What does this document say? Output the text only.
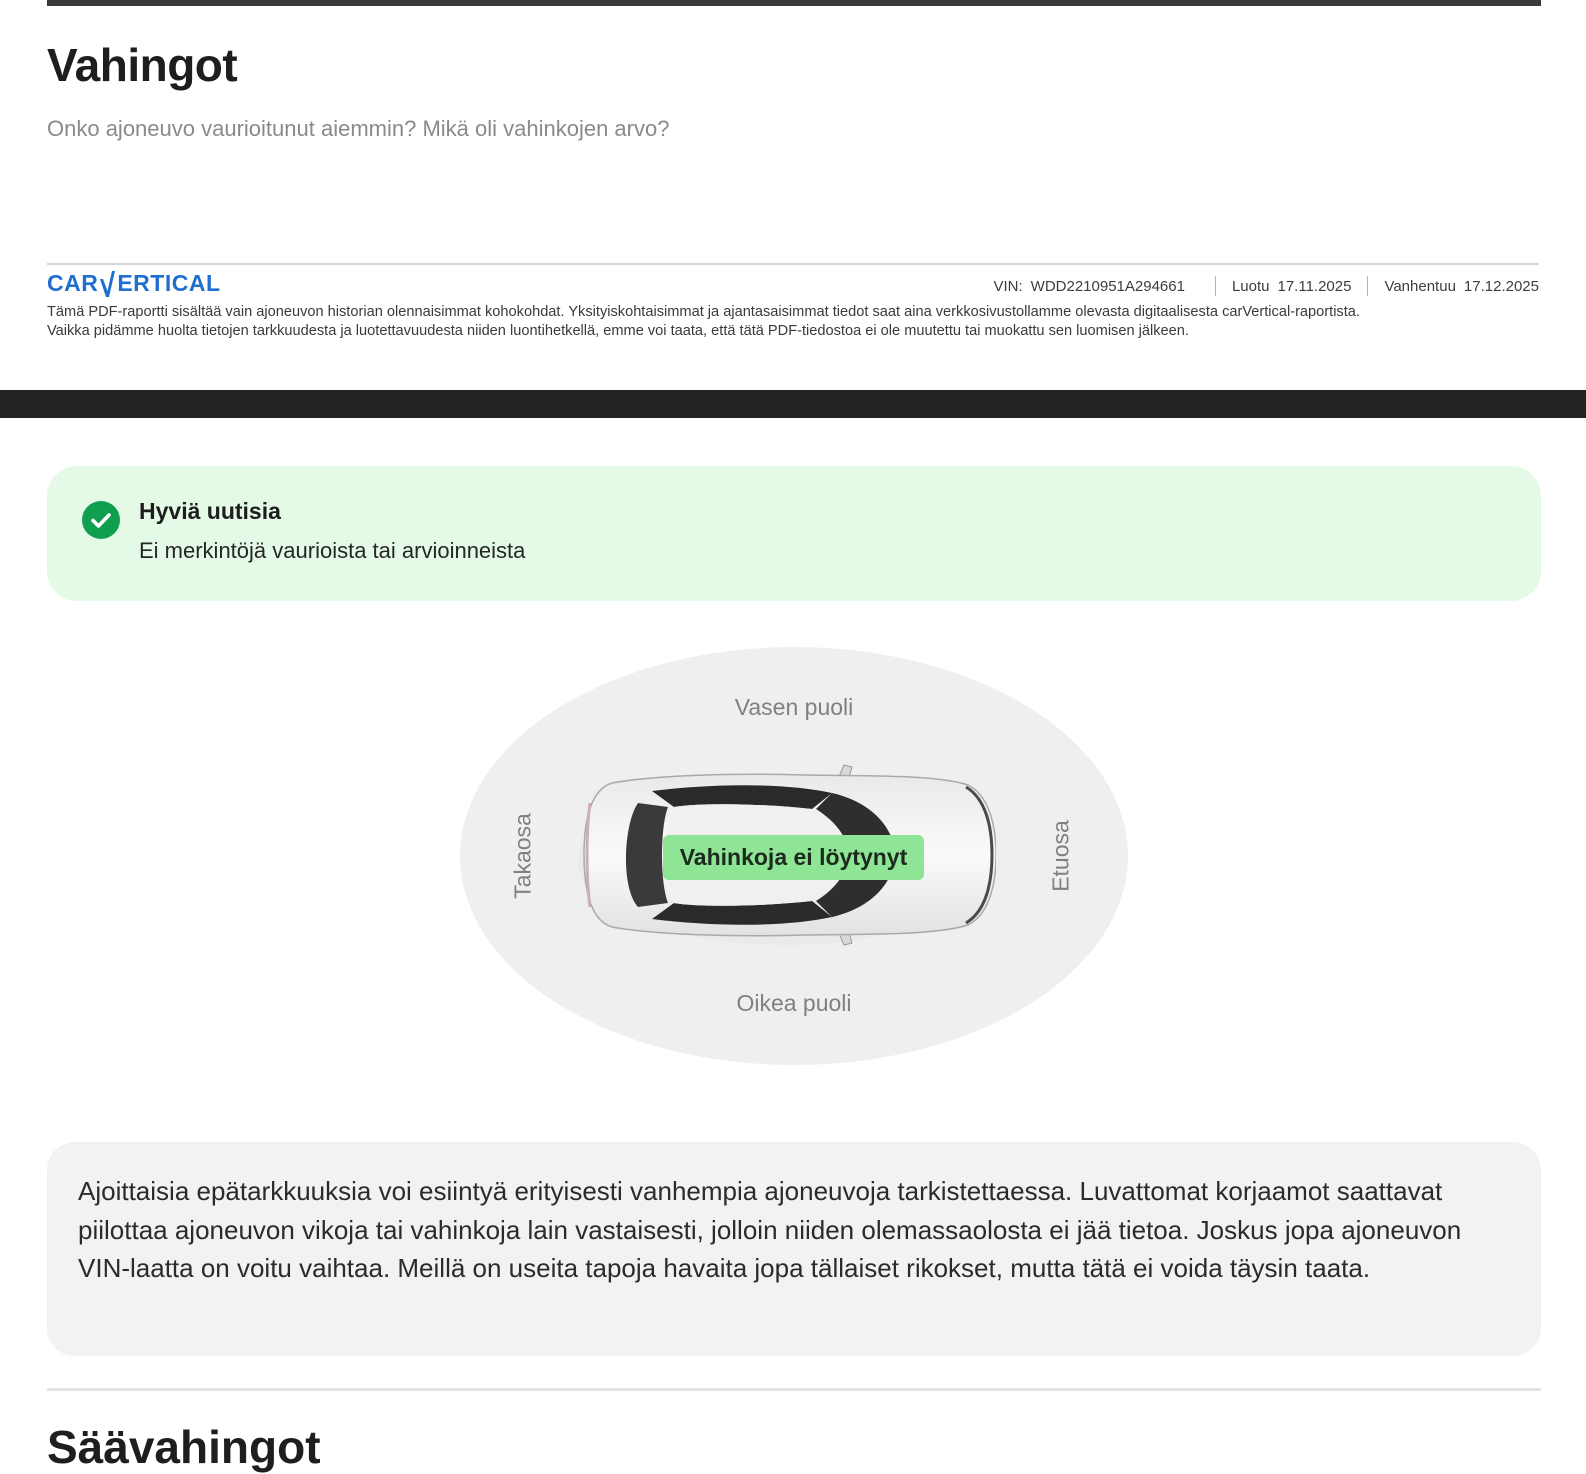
Vahingot

Onko ajoneuvo vaurioitunut aiemmin? Mikä oli vahinkojen arvo?

CAR ERTICAL	VIN: WDD2210951A294661	Luotu 17.11.2025 Vanhentuu 17.12.2025

Tämä PDF-raportti sisältää vain ajoneuvon historian olennaisimmat kohokohdat. Yksityiskohtaisimmat ja ajantasaisimmat tiedot saat aina verkkosivustollamme olevasta digitaalisesta carVertical-raportista.
Vaikka pidämme huolta tietojen tarkkuudesta ja luotettavuudesta niiden luontihetkellä, emme voi taata, että tätä PDF-tiedostoa ei ole muutettu tai muokattu sen luomisen jälkeen.

Hyviä uutisia
Ei merkintöjä vaurioista tai arvioinneista
Vasen puoli
Oikea puoli
Takaosa	Etuosa
Vahinkoja ei löytynyt

Ajoittaisia epätarkkuuksia voi esiintyä erityisesti vanhempia ajoneuvoja tarkistettaessa. Luvattomat korjaamot saattavat piilottaa ajoneuvon vikoja tai vahinkoja lain vastaisesti, jolloin niiden olemassaolosta ei jää tietoa. Joskus jopa ajoneuvon VIN-laatta on voitu vaihtaa. Meillä on useita tapoja havaita jopa tällaiset rikokset, mutta tätä ei voida täysin taata.

Säävahingot
